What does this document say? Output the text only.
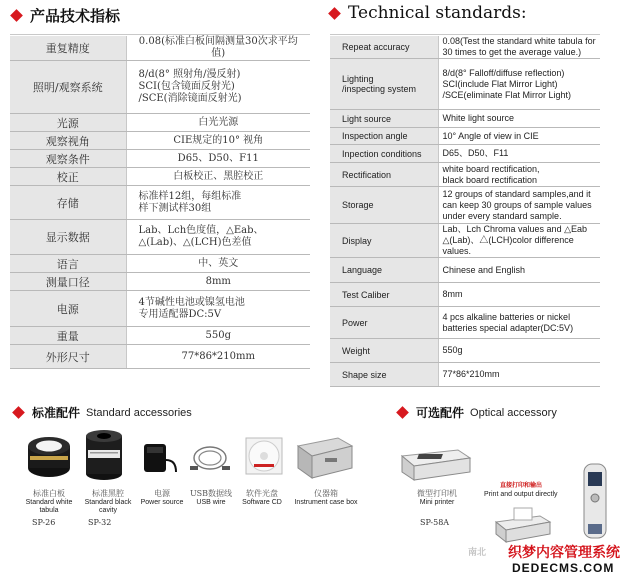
产品技术指标
重复精度	0.08(标准白板间隔测量30次求平均值)
照明/观察系统	8/d(8° 照射角/漫反射)
SCI(包含镜面反射光)
/SCE(消除镜面反射光)
光源	白光光源
观察视角	CIE规定的10° 视角
观察条件	D65、D50、F11
校正	白板校正、黑腔校正
存储	标准样12组，每组标准
样下测试样30组
显示数据	Lab、Lch色度值，△Eab、
△(Lab)、△(LCH)色差值
语言	中、英文
测量口径	8mm
电源	4节碱性电池或镍氢电池
专用适配器DC:5V
重量	550g
外形尺寸	77*86*210mm
Technical standards:
Repeat accuracy	0.08(Test the standard white tabula for
30 times to get the average value.)
Lighting
/inspecting system	8/d(8° Falloff/diffuse reflection)
SCI(include Flat Mirror Light)
/SCE(eliminate Flat Mirror Light)
Light source	White light source
Inspection angle	10° Angle of view in CIE
Inpection conditions	D65、D50、F11
Rectification	white board rectification,
black board rectification
Storage	12 groups of standard samples,and it
can keep 30 groups of sample values
under every standard sample.
Display	Lab、Lch Chroma values and △Eab
△(Lab)、△(LCH)color difference values.
Language	Chinese and English
Test Caliber	8mm
Power	4 pcs alkaline batteries or nickel
batteries special adapter(DC:5V)
Weight	550g
Shape size	77*86*210mm
标准配件 Standard accessories
标准白板
Standard white
tabula
标准黑腔
Standard black
cavity
电源
Power source
USB数据线
USB wire
软件光盘
Software CD
仪器箱
Instrument case box
SP-26	SP-32
可选配件 Optical accessory
微型打印机
Mini printer
SP-58A
直接打印和输出
Print and output directly
南北 织梦内容管理系统
DEDECMS.COM
